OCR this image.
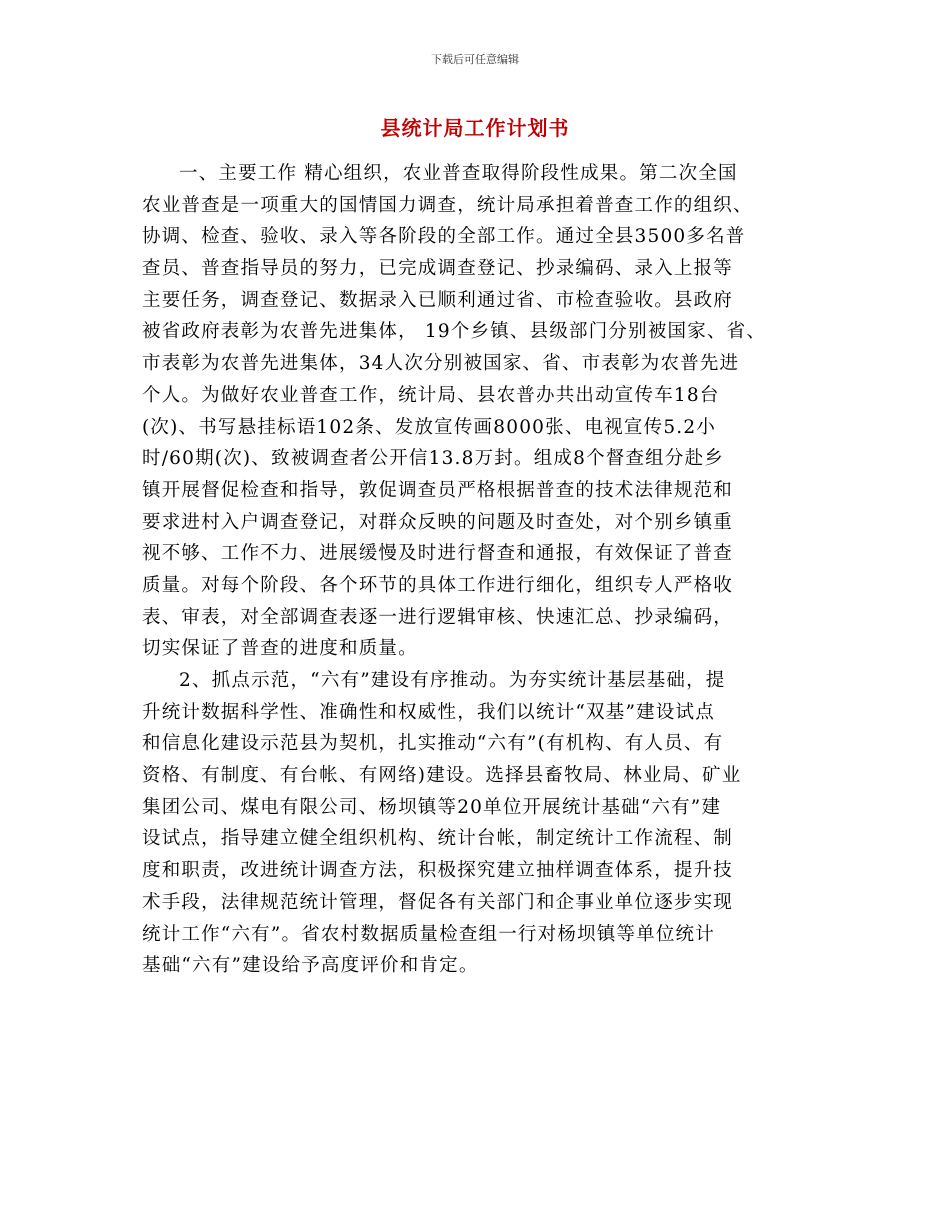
下载后可任意编辑
县统计局工作计划书
一、主要工作 精心组织，农业普查取得阶段性成果。第二次全国
农业普查是一项重大的国情国力调查，统计局承担着普查工作的组织、
协调、检查、验收、录入等各阶段的全部工作。通过全县3500多名普
查员、普查指导员的努力，已完成调查登记、抄录编码、录入上报等
主要任务，调查登记、数据录入已顺利通过省、市检查验收。县政府
被省政府表彰为农普先进集体， 19个乡镇、县级部门分别被国家、省、
市表彰为农普先进集体，34人次分别被国家、省、市表彰为农普先进
个人。为做好农业普查工作，统计局、县农普办共出动宣传车18台
(次)、书写悬挂标语102条、发放宣传画8000张、电视宣传5.2小
时/60期(次)、致被调查者公开信13.8万封。组成8个督查组分赴乡
镇开展督促检查和指导，敦促调查员严格根据普查的技术法律规范和
要求进村入户调查登记，对群众反映的问题及时查处，对个别乡镇重
视不够、工作不力、进展缓慢及时进行督查和通报，有效保证了普查
质量。对每个阶段、各个环节的具体工作进行细化，组织专人严格收
表、审表，对全部调查表逐一进行逻辑审核、快速汇总、抄录编码，
切实保证了普查的进度和质量。
2、抓点示范，“六有”建设有序推动。为夯实统计基层基础，提
升统计数据科学性、准确性和权威性，我们以统计“双基”建设试点
和信息化建设示范县为契机，扎实推动“六有”(有机构、有人员、有
资格、有制度、有台帐、有网络)建设。选择县畜牧局、林业局、矿业
集团公司、煤电有限公司、杨坝镇等20单位开展统计基础“六有”建
设试点，指导建立健全组织机构、统计台帐，制定统计工作流程、制
度和职责，改进统计调查方法，积极探究建立抽样调查体系，提升技
术手段，法律规范统计管理，督促各有关部门和企事业单位逐步实现
统计工作“六有”。省农村数据质量检查组一行对杨坝镇等单位统计
基础“六有”建设给予高度评价和肯定。
